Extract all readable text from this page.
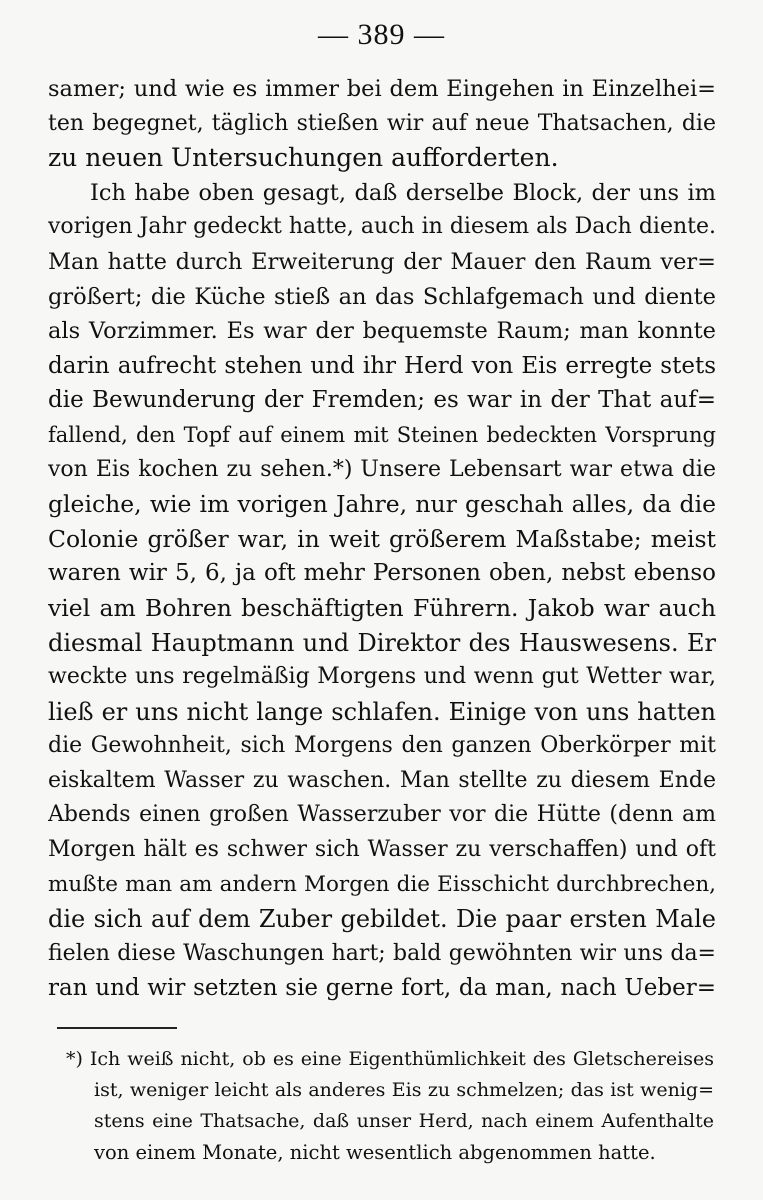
— 389 —
samer; und wie es immer bei dem Eingehen in Einzelhei=
ten begegnet, täglich stießen wir auf neue Thatsachen, die
zu neuen Untersuchungen aufforderten.
Ich habe oben gesagt, daß derselbe Block, der uns im
vorigen Jahr gedeckt hatte, auch in diesem als Dach diente.
Man hatte durch Erweiterung der Mauer den Raum ver=
größert; die Küche stieß an das Schlafgemach und diente
als Vorzimmer. Es war der bequemste Raum; man konnte
darin aufrecht stehen und ihr Herd von Eis erregte stets
die Bewunderung der Fremden; es war in der That auf=
fallend, den Topf auf einem mit Steinen bedeckten Vorsprung
von Eis kochen zu sehen.*) Unsere Lebensart war etwa die
gleiche, wie im vorigen Jahre, nur geschah alles, da die
Colonie größer war, in weit größerem Maßstabe; meist
waren wir 5, 6, ja oft mehr Personen oben, nebst ebenso
viel am Bohren beschäftigten Führern. Jakob war auch
diesmal Hauptmann und Direktor des Hauswesens. Er
weckte uns regelmäßig Morgens und wenn gut Wetter war,
ließ er uns nicht lange schlafen. Einige von uns hatten
die Gewohnheit, sich Morgens den ganzen Oberkörper mit
eiskaltem Wasser zu waschen. Man stellte zu diesem Ende
Abends einen großen Wasserzuber vor die Hütte (denn am
Morgen hält es schwer sich Wasser zu verschaffen) und oft
mußte man am andern Morgen die Eisschicht durchbrechen,
die sich auf dem Zuber gebildet. Die paar ersten Male
fielen diese Waschungen hart; bald gewöhnten wir uns da=
ran und wir setzten sie gerne fort, da man, nach Ueber=
*) Ich weiß nicht, ob es eine Eigenthümlichkeit des Gletschereises
ist, weniger leicht als anderes Eis zu schmelzen; das ist wenig=
stens eine Thatsache, daß unser Herd, nach einem Aufenthalte
von einem Monate, nicht wesentlich abgenommen hatte.
